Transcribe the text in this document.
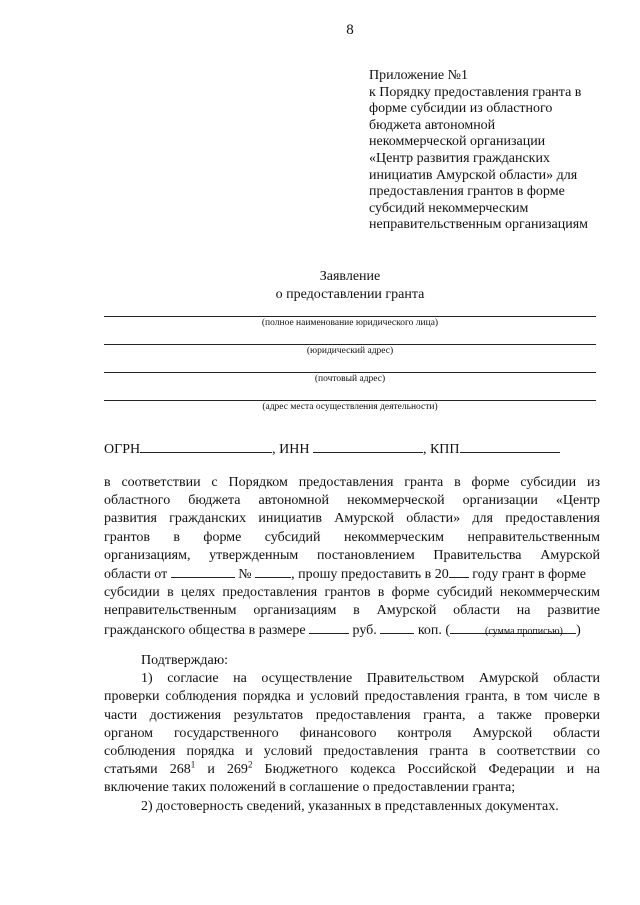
8
Приложение №1
к Порядку предоставления гранта в
форме субсидии из областного
бюджета автономной
некоммерческой организации
«Центр развития гражданских
инициатив Амурской области» для
предоставления грантов в форме
субсидий некоммерческим
неправительственным организациям
Заявление
о предоставлении гранта
(полное наименование юридического лица)
(юридический адрес)
(почтовый адрес)
(адрес места осуществления деятельности)
ОГРН	, ИНН	, КПП
в соответствии с Порядком предоставления гранта в форме субсидии из
областного бюджета автономной некоммерческой организации «Центр
развития гражданских инициатив Амурской области» для предоставления
грантов в форме субсидий некоммерческим неправительственным
организациям, утвержденным постановлением Правительства Амурской
области от	№	, прошу предоставить в 20 году грант в форме
субсидии в целях предоставления грантов в форме субсидий некоммерческим
неправительственным организациям в Амурской области на развитие
гражданского общества в размере	руб.	коп. (	)
(сумма прописью)
Подтверждаю:
1) согласие на осуществление Правительством Амурской области
проверки соблюдения порядка и условий предоставления гранта, в том числе в
части достижения результатов предоставления гранта, а также проверки
органом государственного финансового контроля Амурской области
соблюдения порядка и условий предоставления гранта в соответствии со
статьями $268^1$ и $269^2$ Бюджетного кодекса Российской Федерации и на
включение таких положений в соглашение о предоставлении гранта;
2) достоверность сведений, указанных в представленных документах.
